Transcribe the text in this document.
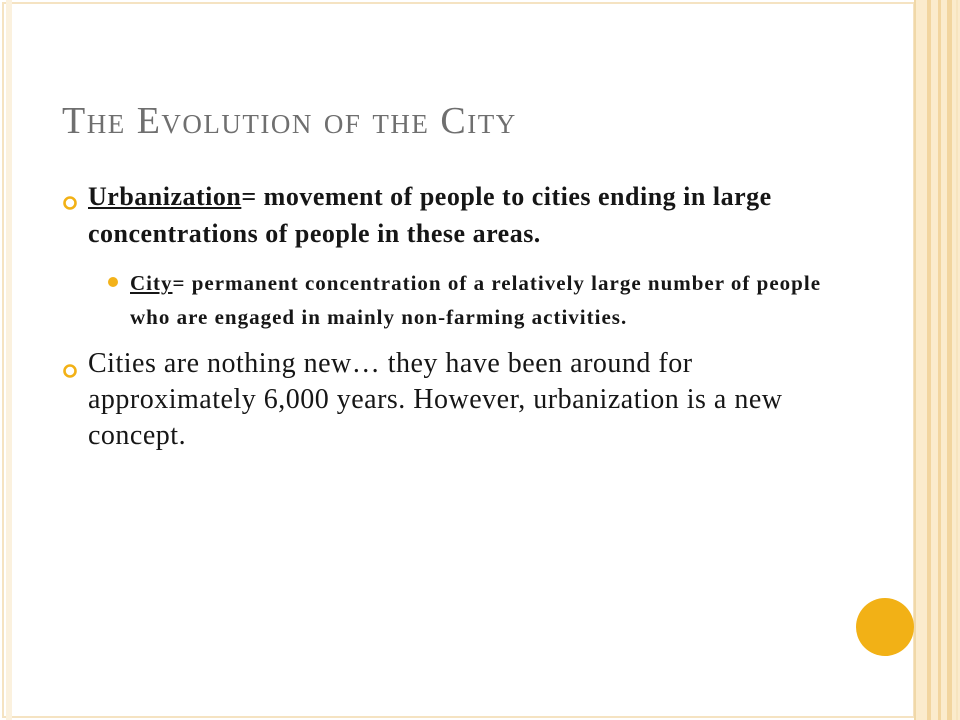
The Evolution of the City
Urbanization= movement of people to cities ending in large concentrations of people in these areas.
City= permanent concentration of a relatively large number of people who are engaged in mainly non-farming activities.
Cities are nothing new… they have been around for approximately 6,000 years. However, urbanization is a new concept.
